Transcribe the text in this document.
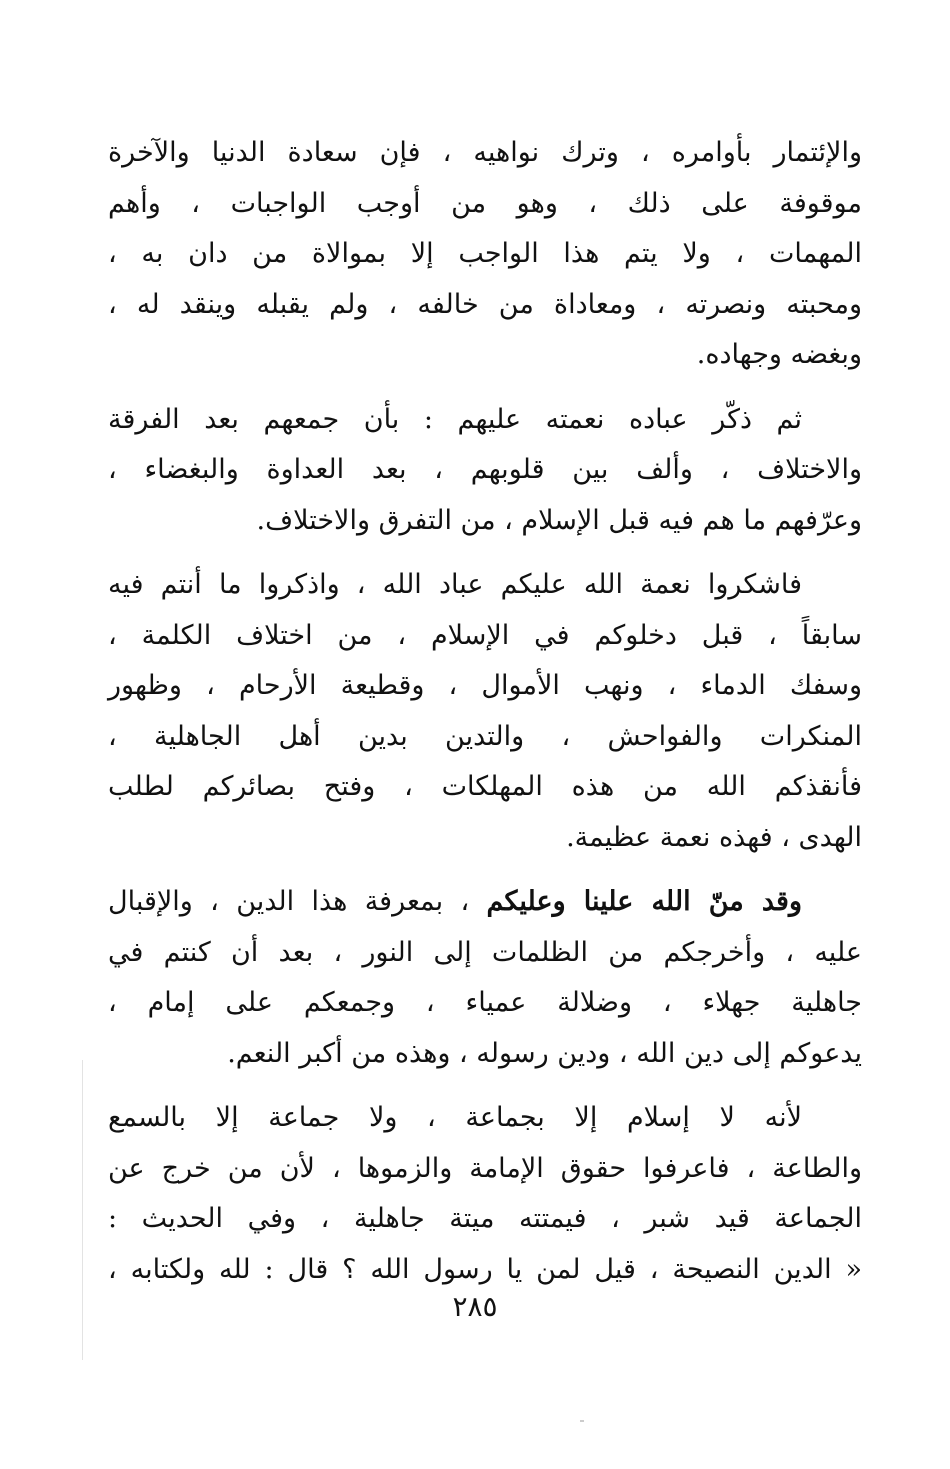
والإئتمار بأوامره ، وترك نواهيه ، فإن سعادة الدنيا والآخرة
موقوفة على ذلك ، وهو من أوجب الواجبات ، وأهم
المهمات ، ولا يتم هذا الواجب إلا بموالاة من دان به ،
ومحبته ونصرته ، ومعاداة من خالفه ، ولم يقبله وينقد له ،
وبغضه وجهاده.

ثم ذكّر عباده نعمته عليهم : بأن جمعهم بعد الفرقة
والاختلاف ، وألف بين قلوبهم ، بعد العداوة والبغضاء ،
وعرّفهم ما هم فيه قبل الإسلام ، من التفرق والاختلاف.

فاشكروا نعمة الله عليكم عباد الله ، واذكروا ما أنتم فيه
سابقاً ، قبل دخلوكم في الإسلام ، من اختلاف الكلمة ،
وسفك الدماء ، ونهب الأموال ، وقطيعة الأرحام ، وظهور
المنكرات والفواحش ، والتدين بدين أهل الجاهلية ،
فأنقذكم الله من هذه المهلكات ، وفتح بصائركم لطلب
الهدى ، فهذه نعمة عظيمة.

وقد منّ الله علينا وعليكم ، بمعرفة هذا الدين ، والإقبال
عليه ، وأخرجكم من الظلمات إلى النور ، بعد أن كنتم في
جاهلية جهلاء ، وضلالة عمياء ، وجمعكم على إمام ،
يدعوكم إلى دين الله ، ودين رسوله ، وهذه من أكبر النعم.

لأنه لا إسلام إلا بجماعة ، ولا جماعة إلا بالسمع
والطاعة ، فاعرفوا حقوق الإمامة والزموها ، لأن من خرج عن
الجماعة قيد شبر ، فيمتته ميتة جاهلية ، وفي الحديث :
« الدين النصيحة ، قيل لمن يا رسول الله ؟ قال : لله ولكتابه ،

٢٨٥
